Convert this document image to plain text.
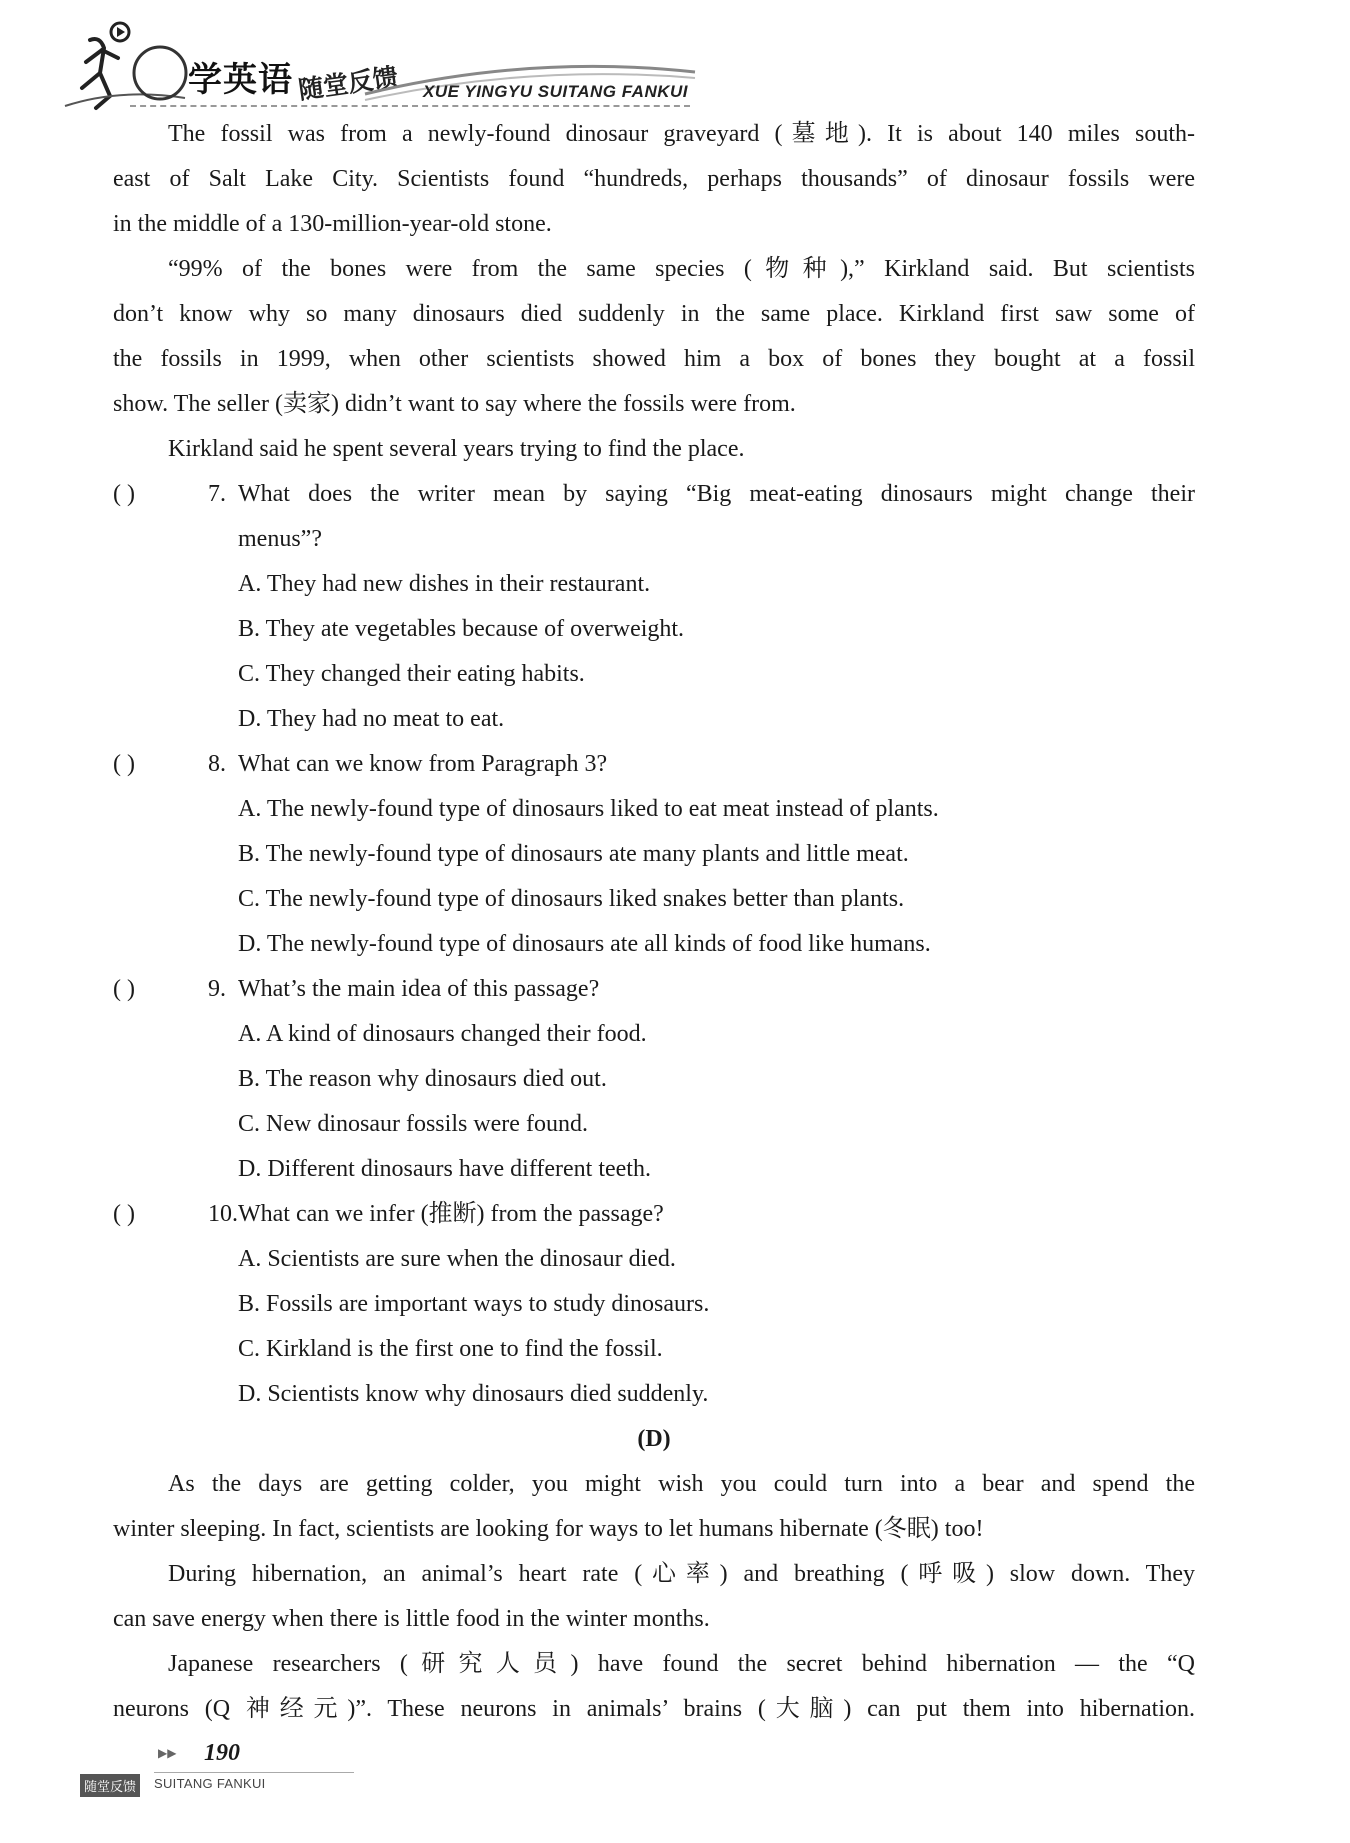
学英语 随堂反馈 XUE YINGYU SUITANG FANKUI
The fossil was from a newly-found dinosaur graveyard (墓地). It is about 140 miles south-
east of Salt Lake City. Scientists found “hundreds, perhaps thousands” of dinosaur fossils were
in the middle of a 130-million-year-old stone.
“99% of the bones were from the same species (物种),” Kirkland said. But scientists
don’t know why so many dinosaurs died suddenly in the same place. Kirkland first saw some of
the fossils in 1999, when other scientists showed him a box of bones they bought at a fossil
show. The seller (卖家) didn’t want to say where the fossils were from.
Kirkland said he spent several years trying to find the place.
( )	7. What does the writer mean by saying “Big meat-eating dinosaurs might change their
menus”?
A. They had new dishes in their restaurant.
B. They ate vegetables because of overweight.
C. They changed their eating habits.
D. They had no meat to eat.
( )	8. What can we know from Paragraph 3?
A. The newly-found type of dinosaurs liked to eat meat instead of plants.
B. The newly-found type of dinosaurs ate many plants and little meat.
C. The newly-found type of dinosaurs liked snakes better than plants.
D. The newly-found type of dinosaurs ate all kinds of food like humans.
( )	9. What’s the main idea of this passage?
A. A kind of dinosaurs changed their food.
B. The reason why dinosaurs died out.
C. New dinosaur fossils were found.
D. Different dinosaurs have different teeth.
( )	10. What can we infer (推断) from the passage?
A. Scientists are sure when the dinosaur died.
B. Fossils are important ways to study dinosaurs.
C. Kirkland is the first one to find the fossil.
D. Scientists know why dinosaurs died suddenly.
(D)
As the days are getting colder, you might wish you could turn into a bear and spend the
winter sleeping. In fact, scientists are looking for ways to let humans hibernate (冬眠) too!
During hibernation, an animal’s heart rate (心率) and breathing (呼吸) slow down. They
can save energy when there is little food in the winter months.
Japanese researchers (研究人员) have found the secret behind hibernation — the “Q
neurons (Q 神经元)”. These neurons in animals’ brains (大脑) can put them into hibernation.
▶▶ 190
随堂反馈	SUITANG FANKUI
